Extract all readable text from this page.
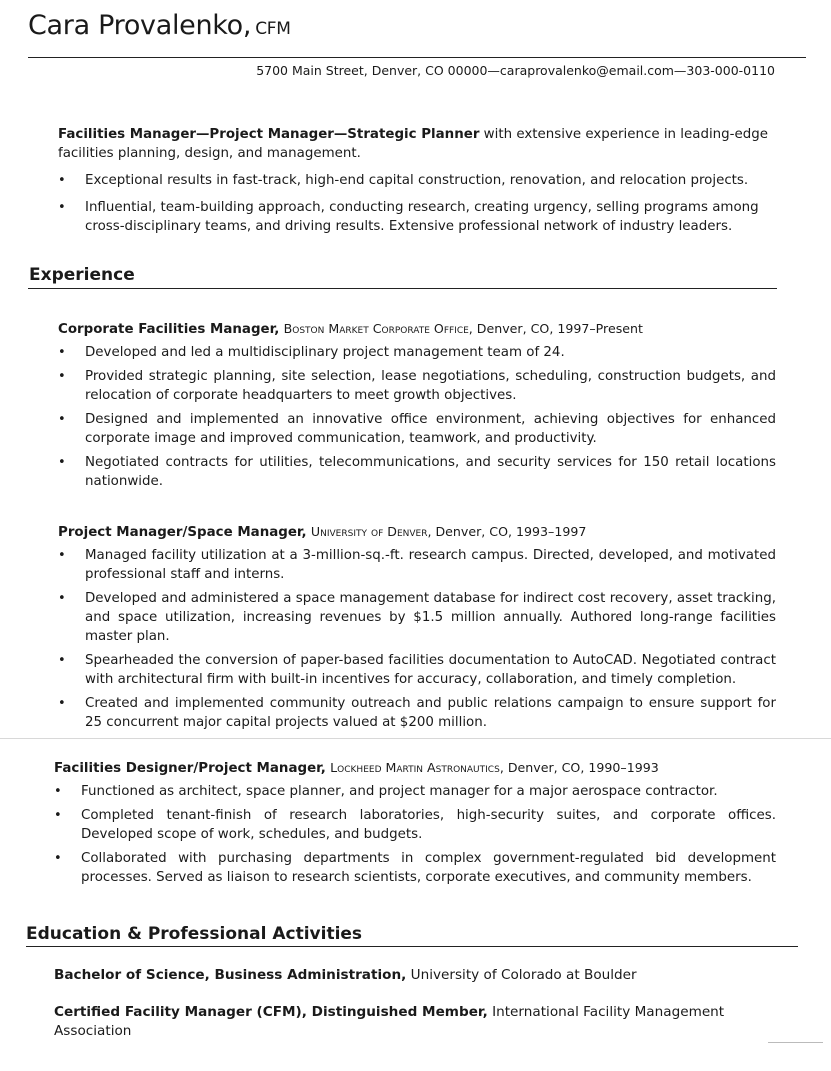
Cara Provalenko, CFM
5700 Main Street, Denver, CO 00000—caraprovalenko@email.com—303-000-0110
Facilities Manager—Project Manager—Strategic Planner with extensive experience in leading-edge facilities planning, design, and management.
• Exceptional results in fast-track, high-end capital construction, renovation, and relocation projects.
• Influential, team-building approach, conducting research, creating urgency, selling programs among cross-disciplinary teams, and driving results. Extensive professional network of industry leaders.
Experience
Corporate Facilities Manager, Boston Market Corporate Office, Denver, CO, 1997–Present
• Developed and led a multidisciplinary project management team of 24.
• Provided strategic planning, site selection, lease negotiations, scheduling, construction budgets, and relocation of corporate headquarters to meet growth objectives.
• Designed and implemented an innovative office environment, achieving objectives for enhanced corporate image and improved communication, teamwork, and productivity.
• Negotiated contracts for utilities, telecommunications, and security services for 150 retail locations nationwide.
Project Manager/Space Manager, University of Denver, Denver, CO, 1993–1997
• Managed facility utilization at a 3-million-sq.-ft. research campus. Directed, developed, and motivated professional staff and interns.
• Developed and administered a space management database for indirect cost recovery, asset tracking, and space utilization, increasing revenues by $1.5 million annually. Authored long-range facilities master plan.
• Spearheaded the conversion of paper-based facilities documentation to AutoCAD. Negotiated contract with architectural firm with built-in incentives for accuracy, collaboration, and timely completion.
• Created and implemented community outreach and public relations campaign to ensure support for 25 concurrent major capital projects valued at $200 million.
Facilities Designer/Project Manager, Lockheed Martin Astronautics, Denver, CO, 1990–1993
• Functioned as architect, space planner, and project manager for a major aerospace contractor.
• Completed tenant-finish of research laboratories, high-security suites, and corporate offices. Developed scope of work, schedules, and budgets.
• Collaborated with purchasing departments in complex government-regulated bid development processes. Served as liaison to research scientists, corporate executives, and community members.
Education & Professional Activities
Bachelor of Science, Business Administration, University of Colorado at Boulder
Certified Facility Manager (CFM), Distinguished Member, International Facility Management Association
